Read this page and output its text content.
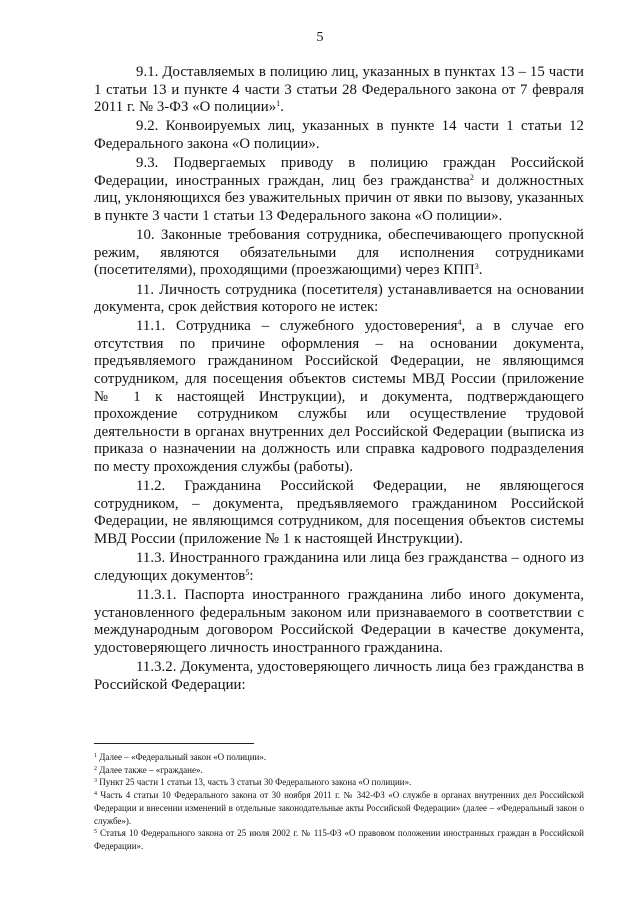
5

9.1. Доставляемых в полицию лиц, указанных в пунктах 13 – 15 части 1 статьи 13 и пункте 4 части 3 статьи 28 Федерального закона от 7 февраля 2011 г. № 3-ФЗ «О полиции»$^1$.

9.2. Конвоируемых лиц, указанных в пункте 14 части 1 статьи 12 Федерального закона «О полиции».

9.3. Подвергаемых приводу в полицию граждан Российской Федерации, иностранных граждан, лиц без гражданства$^2$ и должностных лиц, уклоняющихся без уважительных причин от явки по вызову, указанных в пункте 3 части 1 статьи 13 Федерального закона «О полиции».

10. Законные требования сотрудника, обеспечивающего пропускной режим, являются обязательными для исполнения сотрудниками (посетителями), проходящими (проезжающими) через КПП$^3$.

11. Личность сотрудника (посетителя) устанавливается на основании документа, срок действия которого не истек:

11.1. Сотрудника – служебного удостоверения$^4$, а в случае его отсутствия по причине оформления – на основании документа, предъявляемого гражданином Российской Федерации, не являющимся сотрудником, для посещения объектов системы МВД России (приложение № 1 к настоящей Инструкции), и документа, подтверждающего прохождение сотрудником службы или осуществление трудовой деятельности в органах внутренних дел Российской Федерации (выписка из приказа о назначении на должность или справка кадрового подразделения по месту прохождения службы (работы).

11.2. Гражданина Российской Федерации, не являющегося сотрудником, – документа, предъявляемого гражданином Российской Федерации, не являющимся сотрудником, для посещения объектов системы МВД России (приложение № 1 к настоящей Инструкции).

11.3. Иностранного гражданина или лица без гражданства – одного из следующих документов$^5$:

11.3.1. Паспорта иностранного гражданина либо иного документа, установленного федеральным законом или признаваемого в соответствии с международным договором Российской Федерации в качестве документа, удостоверяющего личность иностранного гражданина.

11.3.2. Документа, удостоверяющего личность лица без гражданства в Российской Федерации:

$^1$ Далее – «Федеральный закон «О полиции».

$^2$ Далее также – «граждане».

$^3$ Пункт 25 части 1 статьи 13, часть 3 статьи 30 Федерального закона «О полиции».

$^4$ Часть 4 статьи 10 Федерального закона от 30 ноября 2011 г. № 342-ФЗ «О службе в органах внутренних дел Российской Федерации и внесении изменений в отдельные законодательные акты Российской Федерации» (далее – «Федеральный закон о службе»).

$^5$ Статья 10 Федерального закона от 25 июля 2002 г. № 115-ФЗ «О правовом положении иностранных граждан в Российской Федерации».
